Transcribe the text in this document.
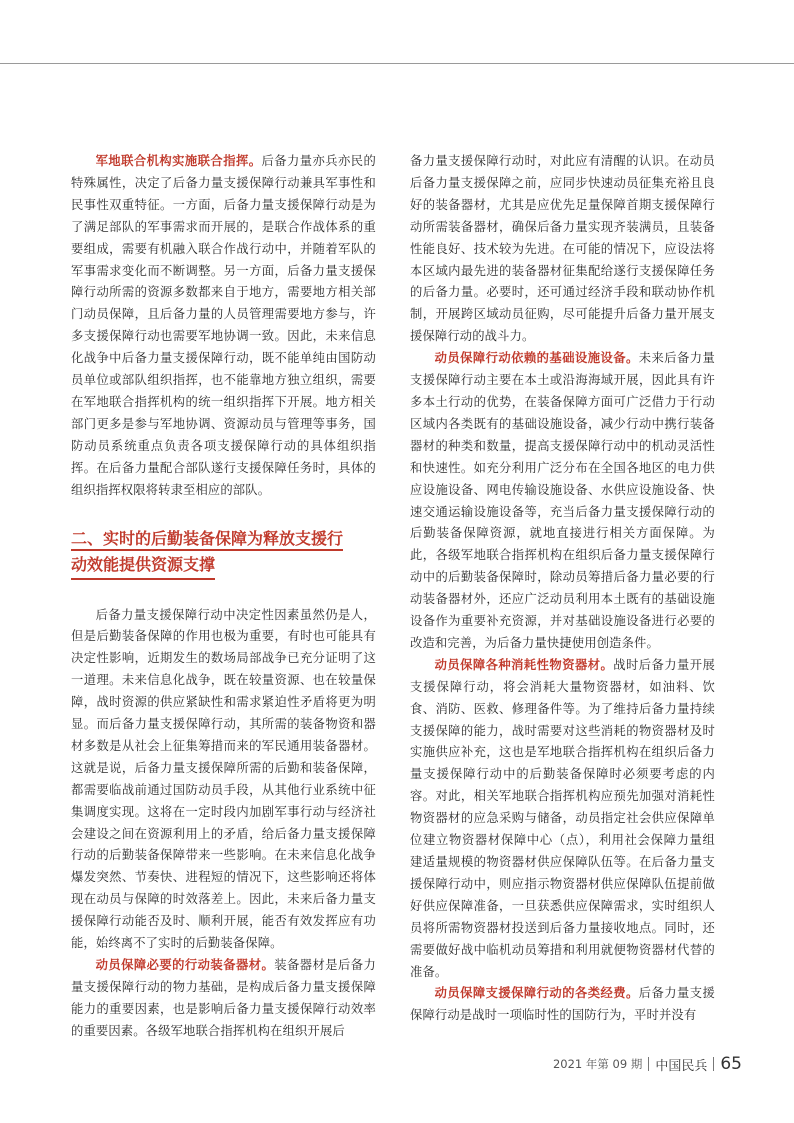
军地联合机构实施联合指挥。后备力量亦兵亦民的特殊属性，决定了后备力量支援保障行动兼具军事性和民事性双重特征。一方面，后备力量支援保障行动是为了满足部队的军事需求而开展的，是联合作战体系的重要组成，需要有机融入联合作战行动中，并随着军队的军事需求变化而不断调整。另一方面，后备力量支援保障行动所需的资源多数都来自于地方，需要地方相关部门动员保障，且后备力量的人员管理需要地方参与，许多支援保障行动也需要军地协调一致。因此，未来信息化战争中后备力量支援保障行动，既不能单纯由国防动员单位或部队组织指挥，也不能靠地方独立组织，需要在军地联合指挥机构的统一组织指挥下开展。地方相关部门更多是参与军地协调、资源动员与管理等事务，国防动员系统重点负责各项支援保障行动的具体组织指挥。在后备力量配合部队遂行支援保障任务时，具体的组织指挥权限将转隶至相应的部队。

二、实时的后勤装备保障为释放支援行
动效能提供资源支撑

后备力量支援保障行动中决定性因素虽然仍是人，但是后勤装备保障的作用也极为重要，有时也可能具有决定性影响，近期发生的数场局部战争已充分证明了这一道理。未来信息化战争，既在较量资源、也在较量保障，战时资源的供应紧缺性和需求紧迫性矛盾将更为明显。而后备力量支援保障行动，其所需的装备物资和器材多数是从社会上征集筹措而来的军民通用装备器材。这就是说，后备力量支援保障所需的后勤和装备保障，都需要临战前通过国防动员手段，从其他行业系统中征集调度实现。这将在一定时段内加剧军事行动与经济社会建设之间在资源利用上的矛盾，给后备力量支援保障行动的后勤装备保障带来一些影响。在未来信息化战争爆发突然、节奏快、进程短的情况下，这些影响还将体现在动员与保障的时效落差上。因此，未来后备力量支援保障行动能否及时、顺利开展，能否有效发挥应有功能，始终离不了实时的后勤装备保障。

动员保障必要的行动装备器材。装备器材是后备力量支援保障行动的物力基础，是构成后备力量支援保障能力的重要因素，也是影响后备力量支援保障行动效率的重要因素。各级军地联合指挥机构在组织开展后

备力量支援保障行动时，对此应有清醒的认识。在动员后备力量支援保障之前，应同步快速动员征集充裕且良好的装备器材，尤其是应优先足量保障首期支援保障行动所需装备器材，确保后备力量实现齐装满员，且装备性能良好、技术较为先进。在可能的情况下，应设法将本区域内最先进的装备器材征集配给遂行支援保障任务的后备力量。必要时，还可通过经济手段和联动协作机制，开展跨区域动员征购，尽可能提升后备力量开展支援保障行动的战斗力。

动员保障行动依赖的基础设施设备。未来后备力量支援保障行动主要在本土或沿海海域开展，因此具有许多本土行动的优势，在装备保障方面可广泛借力于行动区域内各类既有的基础设施设备，减少行动中携行装备器材的种类和数量，提高支援保障行动中的机动灵活性和快速性。如充分利用广泛分布在全国各地区的电力供应设施设备、网电传输设施设备、水供应设施设备、快速交通运输设施设备等，充当后备力量支援保障行动的后勤装备保障资源，就地直接进行相关方面保障。为此，各级军地联合指挥机构在组织后备力量支援保障行动中的后勤装备保障时，除动员筹措后备力量必要的行动装备器材外，还应广泛动员利用本土既有的基础设施设备作为重要补充资源，并对基础设施设备进行必要的改造和完善，为后备力量快捷使用创造条件。

动员保障各种消耗性物资器材。战时后备力量开展支援保障行动，将会消耗大量物资器材，如油料、饮食、消防、医救、修理备件等。为了维持后备力量持续支援保障的能力，战时需要对这些消耗的物资器材及时实施供应补充，这也是军地联合指挥机构在组织后备力量支援保障行动中的后勤装备保障时必须要考虑的内容。对此，相关军地联合指挥机构应预先加强对消耗性物资器材的应急采购与储备，动员指定社会供应保障单位建立物资器材保障中心（点），利用社会保障力量组建适量规模的物资器材供应保障队伍等。在后备力量支援保障行动中，则应指示物资器材供应保障队伍提前做好供应保障准备，一旦获悉供应保障需求，实时组织人员将所需物资器材投送到后备力量接收地点。同时，还需要做好战中临机动员筹措和利用就便物资器材代替的准备。

动员保障支援保障行动的各类经费。后备力量支援保障行动是战时一项临时性的国防行为，平时并没有

2021 年第 09 期 中国民兵 65
